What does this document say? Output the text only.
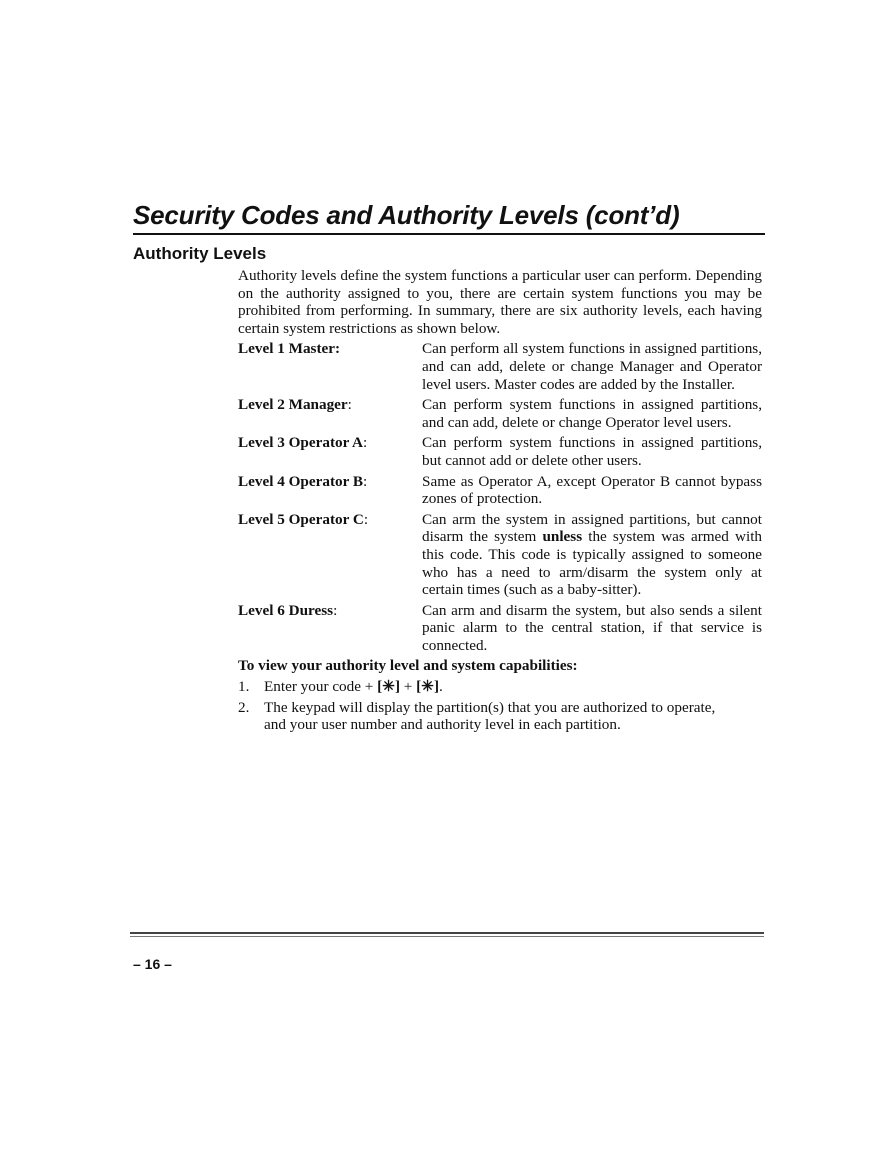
Security Codes and Authority Levels (cont’d)
Authority Levels

Authority levels define the system functions a particular user can perform. Depending on the authority assigned to you, there are certain system functions you may be prohibited from performing. In summary, there are six authority levels, each having certain system restrictions as shown below.

Level 1 Master:	Can perform all system functions in assigned partitions, and can add, delete or change Manager and Operator level users. Master codes are added by the Installer.
Level 2 Manager:	Can perform system functions in assigned partitions, and can add, delete or change Operator level users.
Level 3 Operator A:	Can perform system functions in assigned partitions, but cannot add or delete other users.
Level 4 Operator B:	Same as Operator A, except Operator B cannot bypass zones of protection.
Level 5 Operator C:	Can arm the system in assigned partitions, but cannot disarm the system unless the system was armed with this code. This code is typically assigned to someone who has a need to arm/disarm the system only at certain times (such as a baby-sitter).
Level 6 Duress:	Can arm and disarm the system, but also sends a silent panic alarm to the central station, if that service is connected.

To view your authority level and system capabilities:

1. Enter your code + [✳] + [✳].
2. The keypad will display the partition(s) that you are authorized to operate, and your user number and authority level in each partition.
– 16 –
